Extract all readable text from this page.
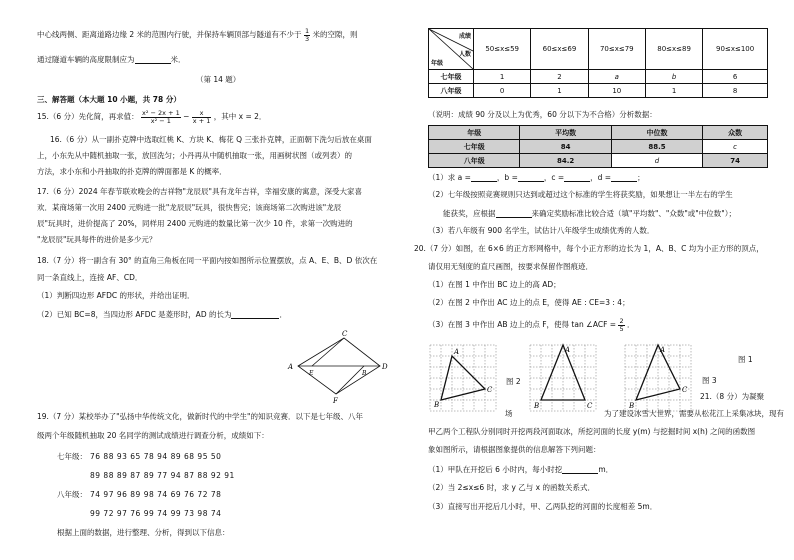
中心线两侧、距离道路边缘 2 米的范围内行驶，并保持车辆顶部与隧道有不少于 $\frac{1}{3}$ 米的空隙，则
通过隧道车辆的高度限制应为	米．
（第 14 题）
三、解答题（本大题 10 小题，共 78 分）
15.（6 分）先化简，再求值： $\frac{\text{x² − 2x + 1}}{\text{x² − 1}} - \frac{x}{x + 1}$ ，其中 x = 2．
16.（6 分）从一副扑克牌中选取红桃 K、方块 K、梅花 Q 三张扑克牌，正面朝下洗匀后放在桌面
上，小东先从中随机抽取一张，放回洗匀；小丹再从中随机抽取一张，用画树状图（或列表）的
方法，求小东和小丹抽取的扑克牌的牌面都是 K 的概率．
17.（6 分）2024 年春节联欢晚会的吉祥物"龙辰辰"具有龙年吉祥，幸福安康的寓意，深受大家喜
欢．某商场第一次用 2400 元购进一批"龙辰辰"玩具，很快售完；该商场第二次购进该"龙辰
辰"玩具时，进价提高了 20%，同样用 2400 元购进的数量比第一次少 10 件，求第一次购进的
"龙辰辰"玩具每件的进价是多少元？
18.（7 分）将一副含有 30° 的直角三角板在同一平面内按如图所示位置摆放，点 A、E、B、D 依次在
同一条直线上，连接 AF、CD．
（1）判断四边形 AFDC 的形状，并给出证明．
（2）已知 BC=8，当四边形 AFDC 是菱形时，AD 的长为	．
C
A
E	B
D
F
19.（7 分）某校举办了"弘扬中华传统文化，做新时代的中学生"的知识竞赛．以下是七年级、八年
级两个年级随机抽取 20 名同学的测试成绩进行调查分析，成绩如下：
七年级： 76 88 93 65 78 94 89 68 95 50
89 88 89 87 89 77 94 87 88 92 91
八年级： 74 97 96 89 98 74 69 76 72 78
99 72 97 76 99 74 99 73 98 74
根据上面的数据，进行整理、分析，得到以下信息：
成绩
人数
年级	50≤x≤59	60≤x≤69	70≤x≤79	80≤x≤89	90≤x≤100
七年级	1	2	a	b	6
八年级	0	1	10	1	8
（说明：成绩 90 分及以上为优秀，60 分以下为不合格）分析数据：
年级	平均数	中位数	众数
七年级	84	88.5	c
八年级	84.2	d	74
（1）求 a =	，b =	，c =	，d =	；
（2）七年级按照竞赛规则只达到或超过这个标准的学生将获奖励，如果想让一半左右的学生
能获奖，应根据	来确定奖励标准比较合适（填"平均数"、"众数"或"中位数"）；
（3）若八年级有 900 名学生，试估计八年级学生成绩优秀的人数．
20.（7 分）如图，在 6×6 的正方形网格中，每个小正方形的边长为 1，A、B、C 均为小正方形的顶点，
请仅用无刻度的直尺画图，按要求保留作图痕迹．
（1）在图 1 中作出 BC 边上的高 AD；
（2）在图 2 中作出 AC 边上的点 E，使得 AE : CE=3 : 4；
（3）在图 3 中作出 AB 边上的点 F，使得 tan ∠ACF = $\frac{2}{5}$ ．
A
B
C
图 2
A
B	C
A
B
C
图 1
图 3
21.（8 分）为凝聚
场	为了建设冰雪大世界，需要从松花江上采集冰块，现有
甲乙两个工程队分别同时开挖两段河面取冰，所挖河面的长度 y(m) 与挖掘时间 x(h) 之间的函数图
象如图所示，请根据图象提供的信息解答下列问题：
（1）甲队在开挖后 6 小时内，每小时挖	m．
（2）当 2≤x≤6 时，求 y 乙与 x 的函数关系式．
（3）直接写出开挖后几小时，甲、乙两队挖的河面的长度相差 5m．
